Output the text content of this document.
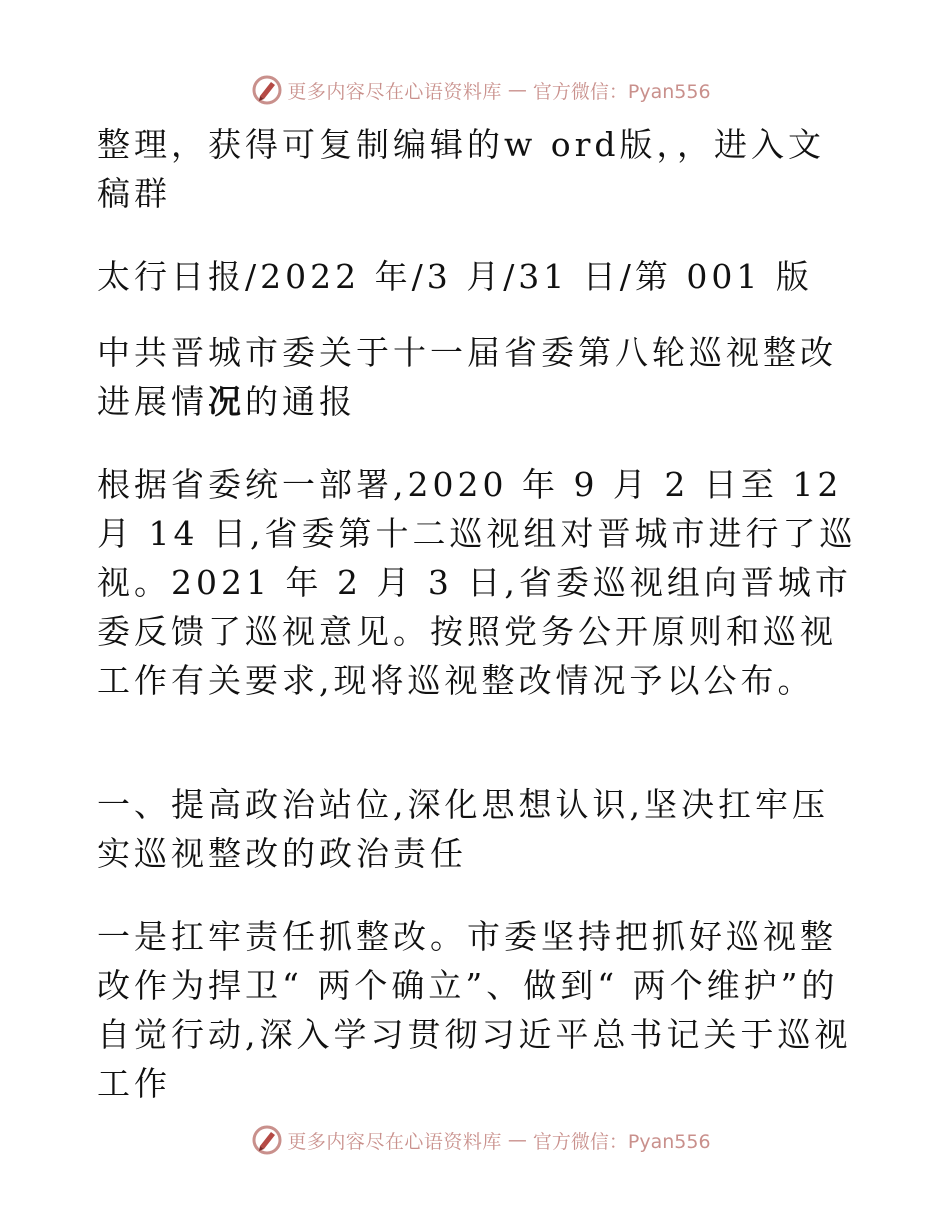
更多内容尽在心语资料库 — 官方微信：Pyan556

整理，获得可复制编辑的w ord版，，进入文稿群

太行日报/2022 年/3 月/31 日/第 001 版

中共晋城市委关于十一届省委第八轮巡视整改进展情况的通报

根据省委统一部署,2020 年 9 月 2 日至 12 月 14 日,省委第十二巡视组对晋城市进行了巡视。2021 年 2 月 3 日,省委巡视组向晋城市委反馈了巡视意见。按照党务公开原则和巡视工作有关要求,现将巡视整改情况予以公布。

一、提高政治站位,深化思想认识,坚决扛牢压实巡视整改的政治责任

一是扛牢责任抓整改。市委坚持把抓好巡视整改作为捍卫“ 两个确立”、做到“ 两个维护”的自觉行动,深入学习贯彻习近平总书记关于巡视工作

更多内容尽在心语资料库 — 官方微信：Pyan556
